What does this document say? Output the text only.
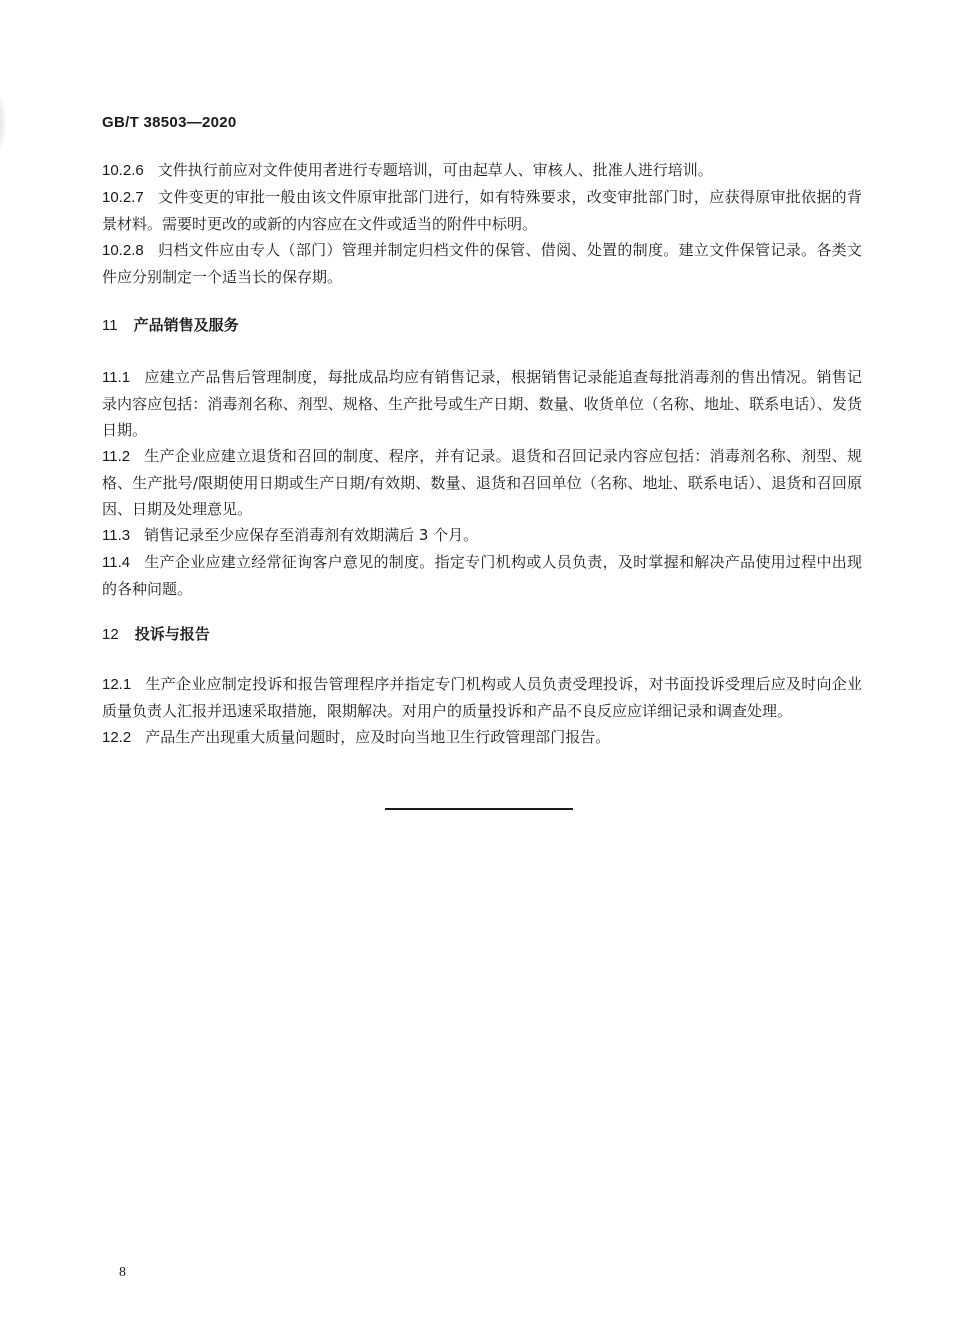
GB/T 38503—2020

10.2.6 文件执行前应对文件使用者进行专题培训，可由起草人、审核人、批准人进行培训。

10.2.7 文件变更的审批一般由该文件原审批部门进行，如有特殊要求，改变审批部门时，应获得原审批依据的背景材料。需要时更改的或新的内容应在文件或适当的附件中标明。

10.2.8 归档文件应由专人（部门）管理并制定归档文件的保管、借阅、处置的制度。建立文件保管记录。各类文件应分别制定一个适当长的保存期。

11 产品销售及服务

11.1 应建立产品售后管理制度，每批成品均应有销售记录，根据销售记录能追查每批消毒剂的售出情况。销售记录内容应包括：消毒剂名称、剂型、规格、生产批号或生产日期、数量、收货单位（名称、地址、联系电话）、发货日期。

11.2 生产企业应建立退货和召回的制度、程序，并有记录。退货和召回记录内容应包括：消毒剂名称、剂型、规格、生产批号/限期使用日期或生产日期/有效期、数量、退货和召回单位（名称、地址、联系电话）、退货和召回原因、日期及处理意见。

11.3 销售记录至少应保存至消毒剂有效期满后 3 个月。

11.4 生产企业应建立经常征询客户意见的制度。指定专门机构或人员负责，及时掌握和解决产品使用过程中出现的各种问题。

12 投诉与报告

12.1 生产企业应制定投诉和报告管理程序并指定专门机构或人员负责受理投诉，对书面投诉受理后应及时向企业质量负责人汇报并迅速采取措施，限期解决。对用户的质量投诉和产品不良反应应详细记录和调查处理。

12.2 产品生产出现重大质量问题时，应及时向当地卫生行政管理部门报告。

8
